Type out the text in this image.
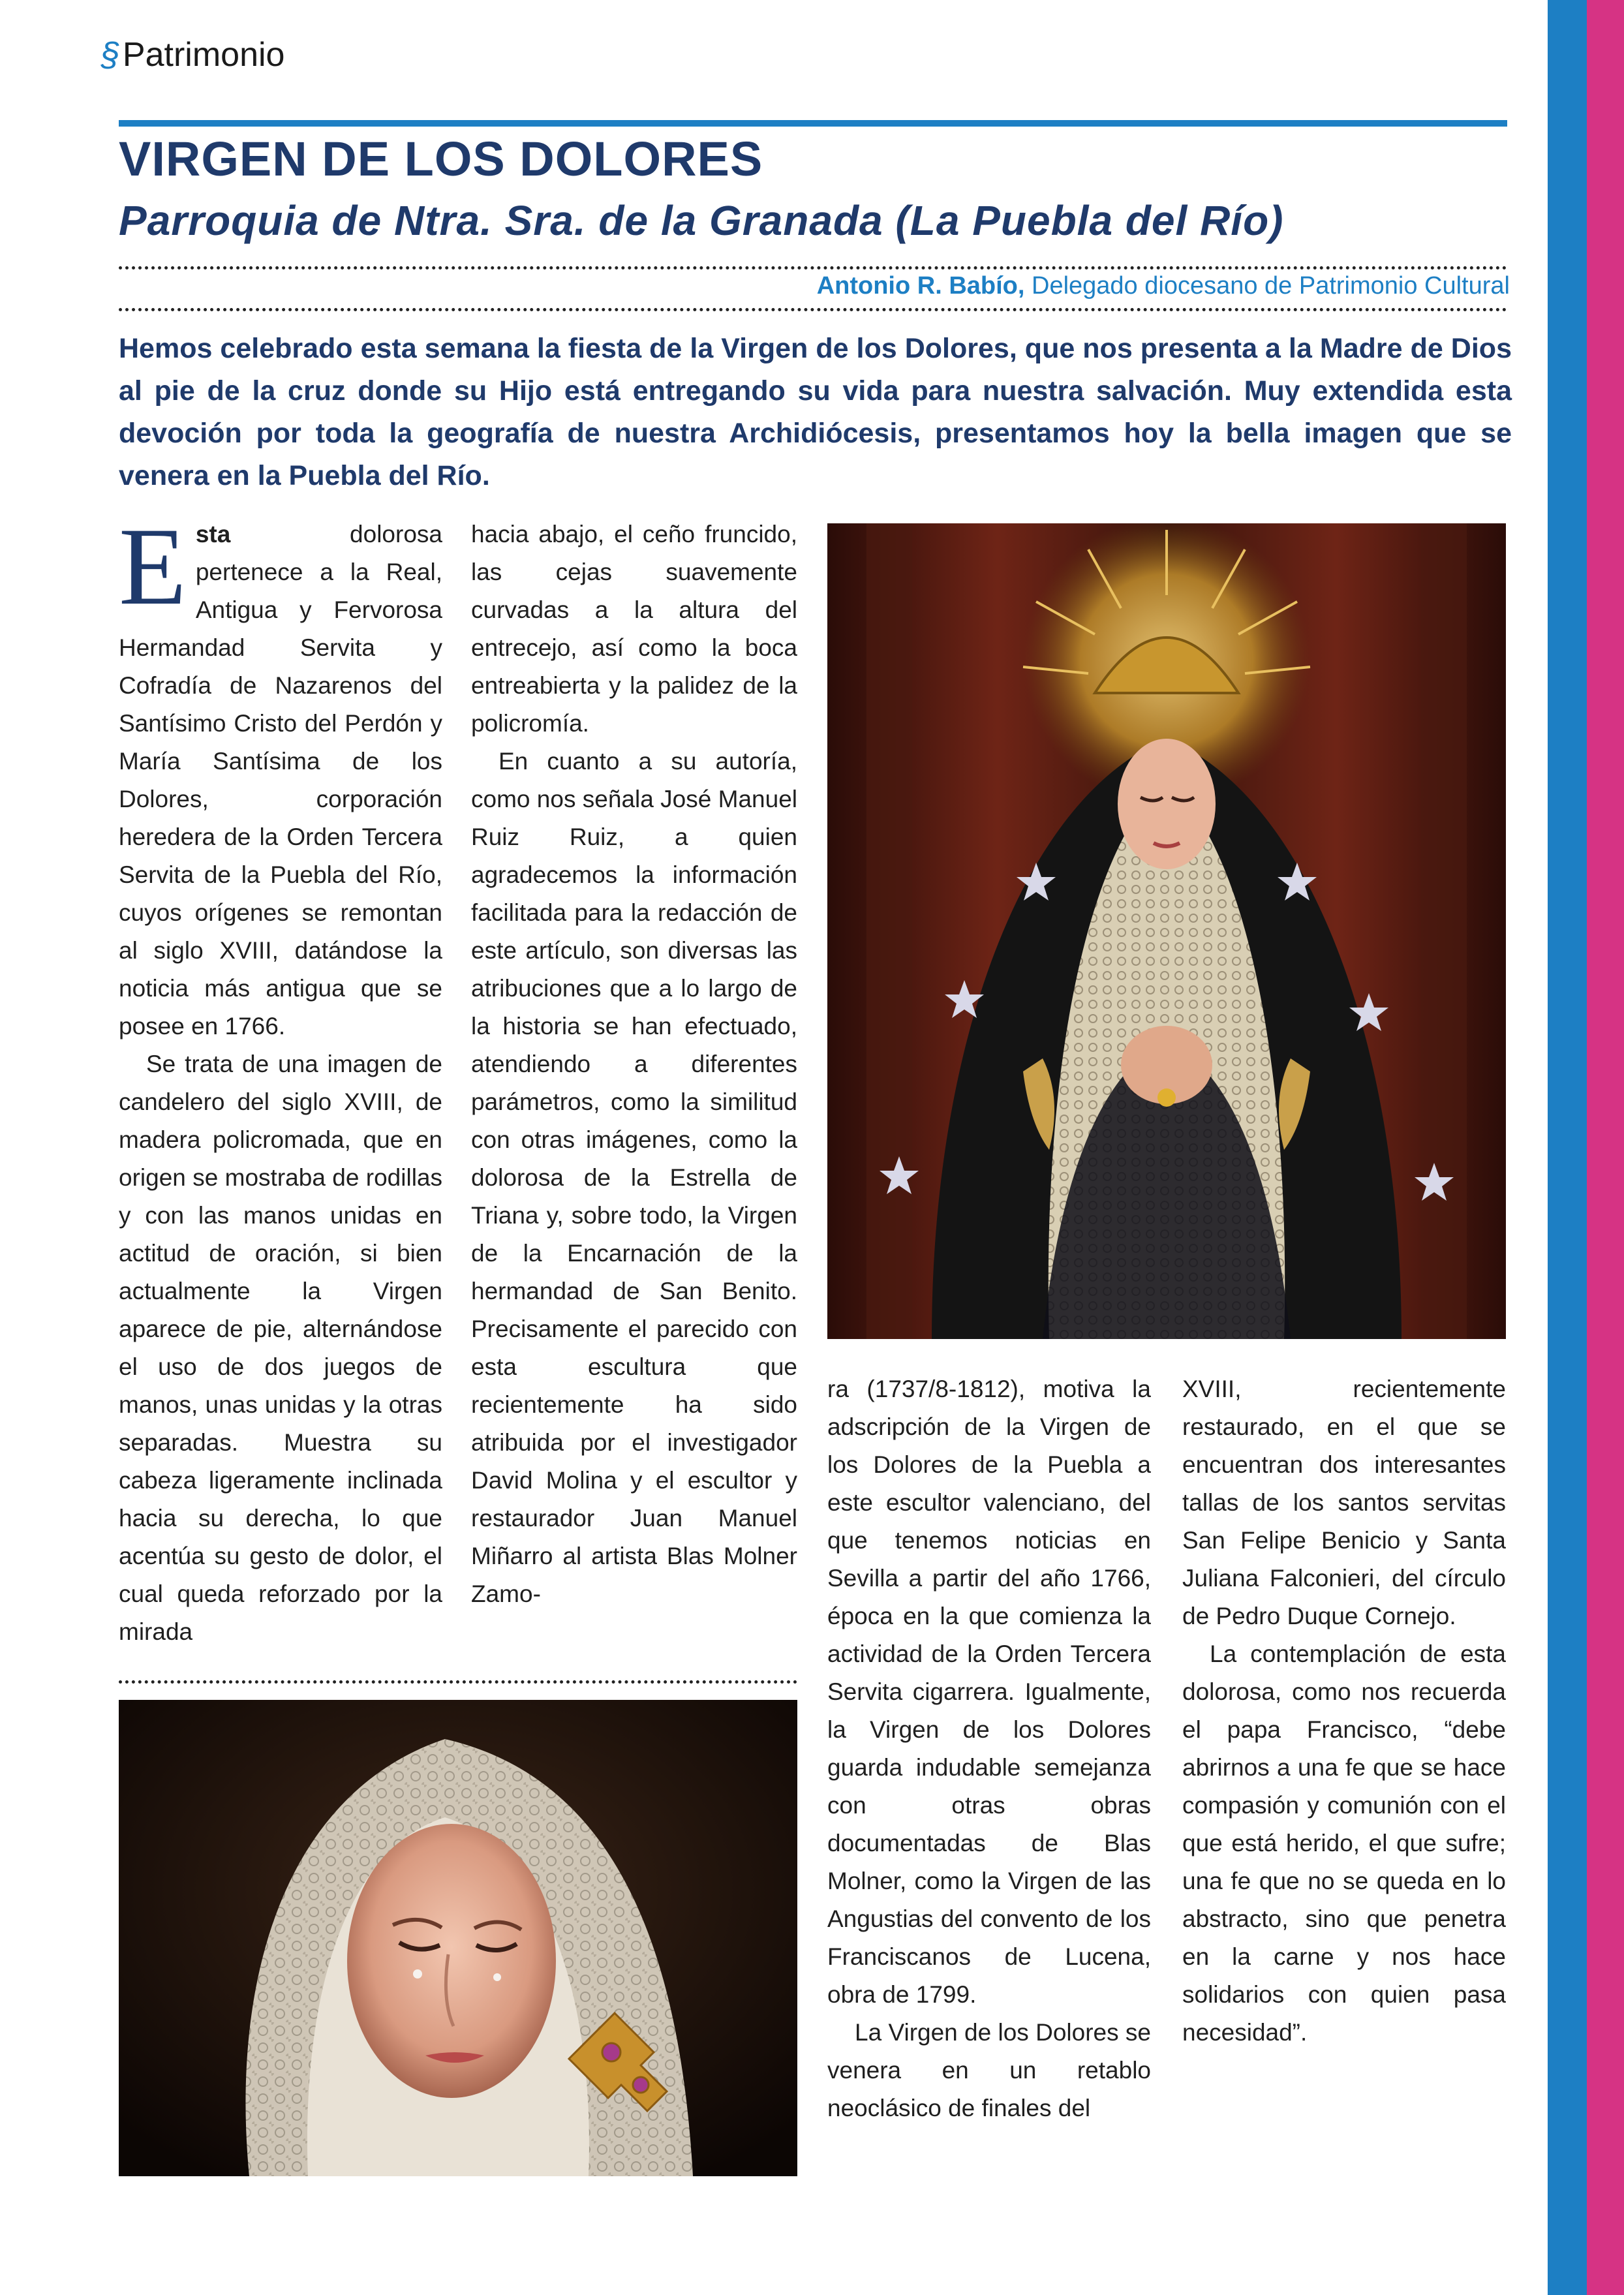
§Patrimonio
VIRGEN DE LOS DOLORES
Parroquia de Ntra. Sra. de la Granada (La Puebla del Río)
Antonio R. Babío, Delegado diocesano de Patrimonio Cultural
Hemos celebrado esta semana la fiesta de la Virgen de los Dolores, que nos presenta a la Madre de Dios al pie de la cruz donde su Hijo está entregando su vida para nuestra salvación. Muy extendida esta devoción por toda la geografía de nuestra Archidiócesis, presentamos hoy la bella imagen que se venera en la Puebla del Río.

Esta dolorosa pertenece a la Real, Antigua y Fervorosa Hermandad Servita y Cofradía de Nazarenos del Santísimo Cristo del Perdón y María Santísima de los Dolores, corporación heredera de la Orden Tercera Servita de la Puebla del Río, cuyos orígenes se remontan al siglo XVIII, datándose la noticia más antigua que se posee en 1766.

Se trata de una imagen de candelero del siglo XVIII, de madera policromada, que en origen se mostraba de rodillas y con las manos unidas en actitud de oración, si bien actualmente la Virgen aparece de pie, alternándose el uso de dos juegos de manos, unas unidas y la otras separadas. Muestra su cabeza ligeramente inclinada hacia su derecha, lo que acentúa su gesto de dolor, el cual queda reforzado por la mirada

hacia abajo, el ceño fruncido, las cejas suavemente curvadas a la altura del entrecejo, así como la boca entreabierta y la palidez de la policromía.

En cuanto a su autoría, como nos señala José Manuel Ruiz Ruiz, a quien agradecemos la información facilitada para la redacción de este artículo, son diversas las atribuciones que a lo largo de la historia se han efectuado, atendiendo a diferentes parámetros, como la similitud con otras imágenes, como la dolorosa de la Estrella de Triana y, sobre todo, la Virgen de la Encarnación de la hermandad de San Benito. Precisamente el parecido con esta escultura que recientemente ha sido atribuida por el investigador David Molina y el escultor y restaurador Juan Manuel Miñarro al artista Blas Molner Zamo-

ra (1737/8-1812), motiva la adscripción de la Virgen de los Dolores de la Puebla a este escultor valenciano, del que tenemos noticias en Sevilla a partir del año 1766, época en la que comienza la actividad de la Orden Tercera Servita cigarrera. Igualmente, la Virgen de los Dolores guarda indudable semejanza con otras obras documentadas de Blas Molner, como la Virgen de las Angustias del convento de los Franciscanos de Lucena, obra de 1799.

La Virgen de los Dolores se venera en un retablo neoclásico de finales del

XVIII, recientemente restaurado, en el que se encuentran dos interesantes tallas de los santos servitas San Felipe Benicio y Santa Juliana Falconieri, del círculo de Pedro Duque Cornejo.

La contemplación de esta dolorosa, como nos recuerda el papa Francisco, “debe abrirnos a una fe que se hace compasión y comunión con el que está herido, el que sufre; una fe que no se queda en lo abstracto, sino que penetra en la carne y nos hace solidarios con quien pasa necesidad”.
